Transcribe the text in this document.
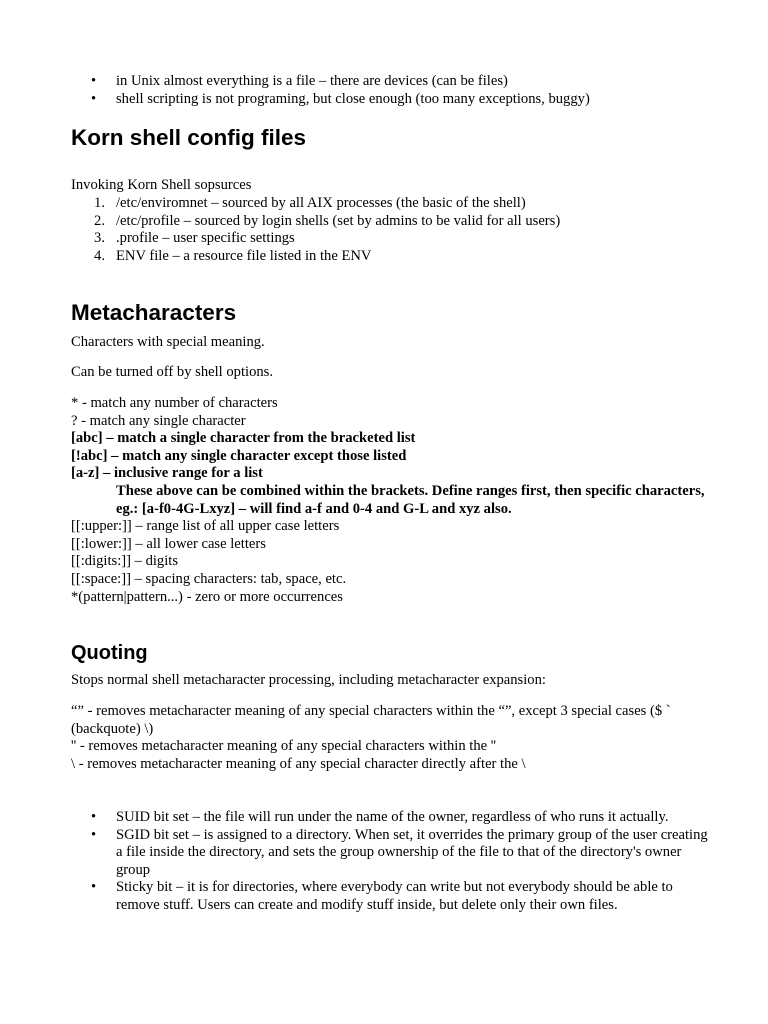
• in Unix almost everything is a file – there are devices (can be files)
• shell scripting is not programing, but close enough (too many exceptions, buggy)
Korn shell config files

Invoking Korn Shell sopsurces

1. /etc/enviromnet – sourced by all AIX processes (the basic of the shell)
2. /etc/profile – sourced by login shells (set by admins to be valid for all users)
3. .profile – user specific settings
4. ENV file – a resource file listed in the ENV
Metacharacters

Characters with special meaning.

Can be turned off by shell options.

* - match any number of characters

? - match any single character

[abc] – match a single character from the bracketed list

[!abc] – match any single character except those listed

[a-z] – inclusive range for a list

These above can be combined within the brackets. Define ranges first, then specific characters, eg.: [a-f0-4G-Lxyz] – will find a-f and 0-4 and G-L and xyz also.

[[:upper:]] – range list of all upper case letters

[[:lower:]] – all lower case letters

[[:digits:]] – digits

[[:space:]] – spacing characters: tab, space, etc.

*(pattern|pattern...) - zero or more occurrences

Quoting

Stops normal shell metacharacter processing, including metacharacter expansion:

“” - removes metacharacter meaning of any special characters within the “”, except 3 special cases ($ ` (backquote) \)

'' - removes metacharacter meaning of any special characters within the ''

\ - removes metacharacter meaning of any special character directly after the \

• SUID bit set – the file will run under the name of the owner, regardless of who runs it actually.
• SGID bit set – is assigned to a directory. When set, it overrides the primary group of the user creating a file inside the directory, and sets the group ownership of the file to that of the directory's owner group
• Sticky bit – it is for directories, where everybody can write but not everybody should be able to remove stuff. Users can create and modify stuff inside, but delete only their own files.
